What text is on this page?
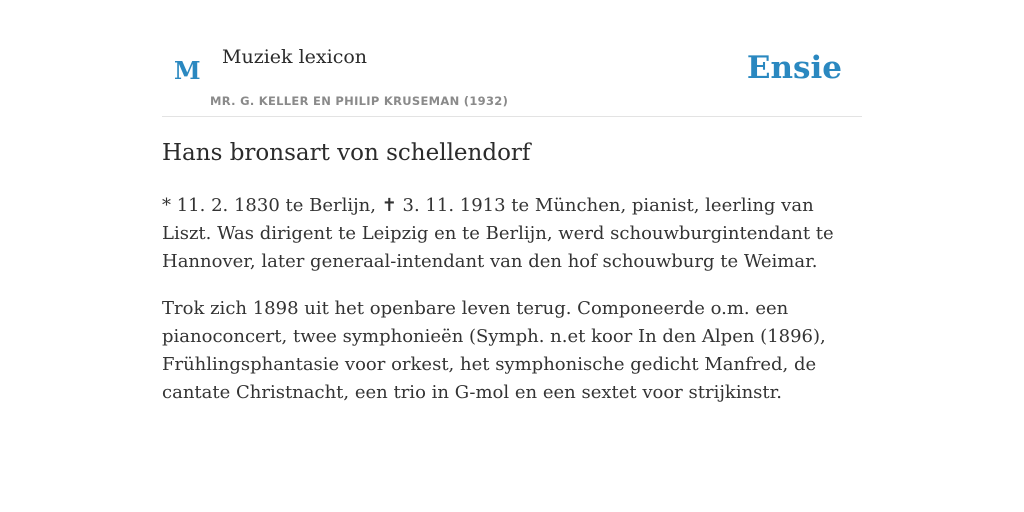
M Muziek lexicon
MR. G. KELLER EN PHILIP KRUSEMAN (1932)
Ensie
Hans bronsart von schellendorf

* 11. 2. 1830 te Berlijn, ✝ 3. 11. 1913 te München, pianist, leerling van Liszt. Was dirigent te Leipzig en te Berlijn, werd schouwburgintendant te Hannover, later generaal-intendant van den hof schouwburg te Weimar.

Trok zich 1898 uit het openbare leven terug. Componeerde o.m. een pianoconcert, twee symphonieën (Symph. n.et koor In den Alpen (1896), Frühlingsphantasie voor orkest, het symphonische gedicht Manfred, de cantate Christnacht, een trio in G-mol en een sextet voor strijkinstr.
